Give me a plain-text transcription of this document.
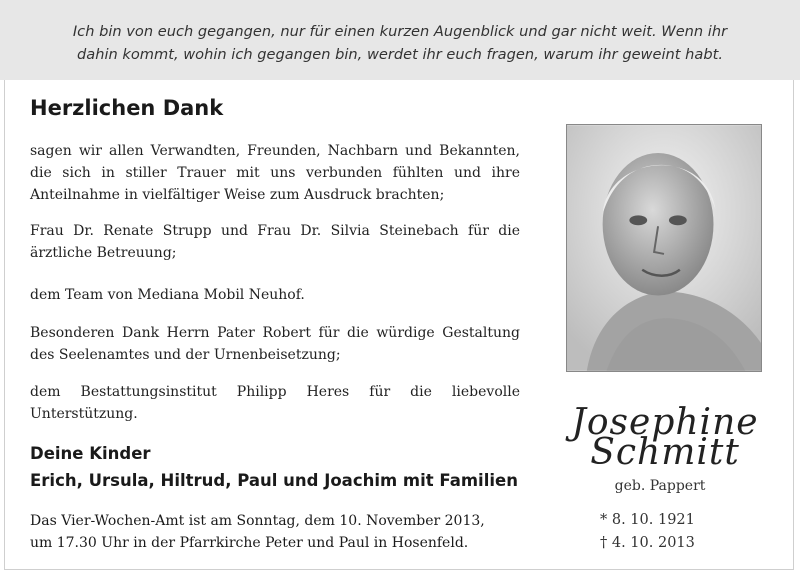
Ich bin von euch gegangen, nur für einen kurzen Augenblick und gar nicht weit. Wenn ihr
dahin kommt, wohin ich gegangen bin, werdet ihr euch fragen, warum ihr geweint habt.
Herzlichen Dank

sagen wir allen Verwandten, Freunden, Nachbarn und Bekannten, die sich in stiller Trauer mit uns verbunden fühlten und ihre Anteilnahme in vielfältiger Weise zum Ausdruck brachten;

Frau Dr. Renate Strupp und Frau Dr. Silvia Steinebach für die ärztliche Betreuung;

dem Team von Mediana Mobil Neuhof.

Besonderen Dank Herrn Pater Robert für die würdige Gestaltung des Seelenamtes und der Urnenbeisetzung;

dem Bestattungsinstitut Philipp Heres für die liebevolle Unterstützung.

Deine Kinder
Erich, Ursula, Hiltrud, Paul und Joachim mit Familien
Das Vier-Wochen-Amt ist am Sonntag, dem 10. November 2013,
um 17.30 Uhr in der Pfarrkirche Peter und Paul in Hosenfeld.
Josephine
Schmitt
geb. Pappert
* 8. 10. 1921
† 4. 10. 2013
